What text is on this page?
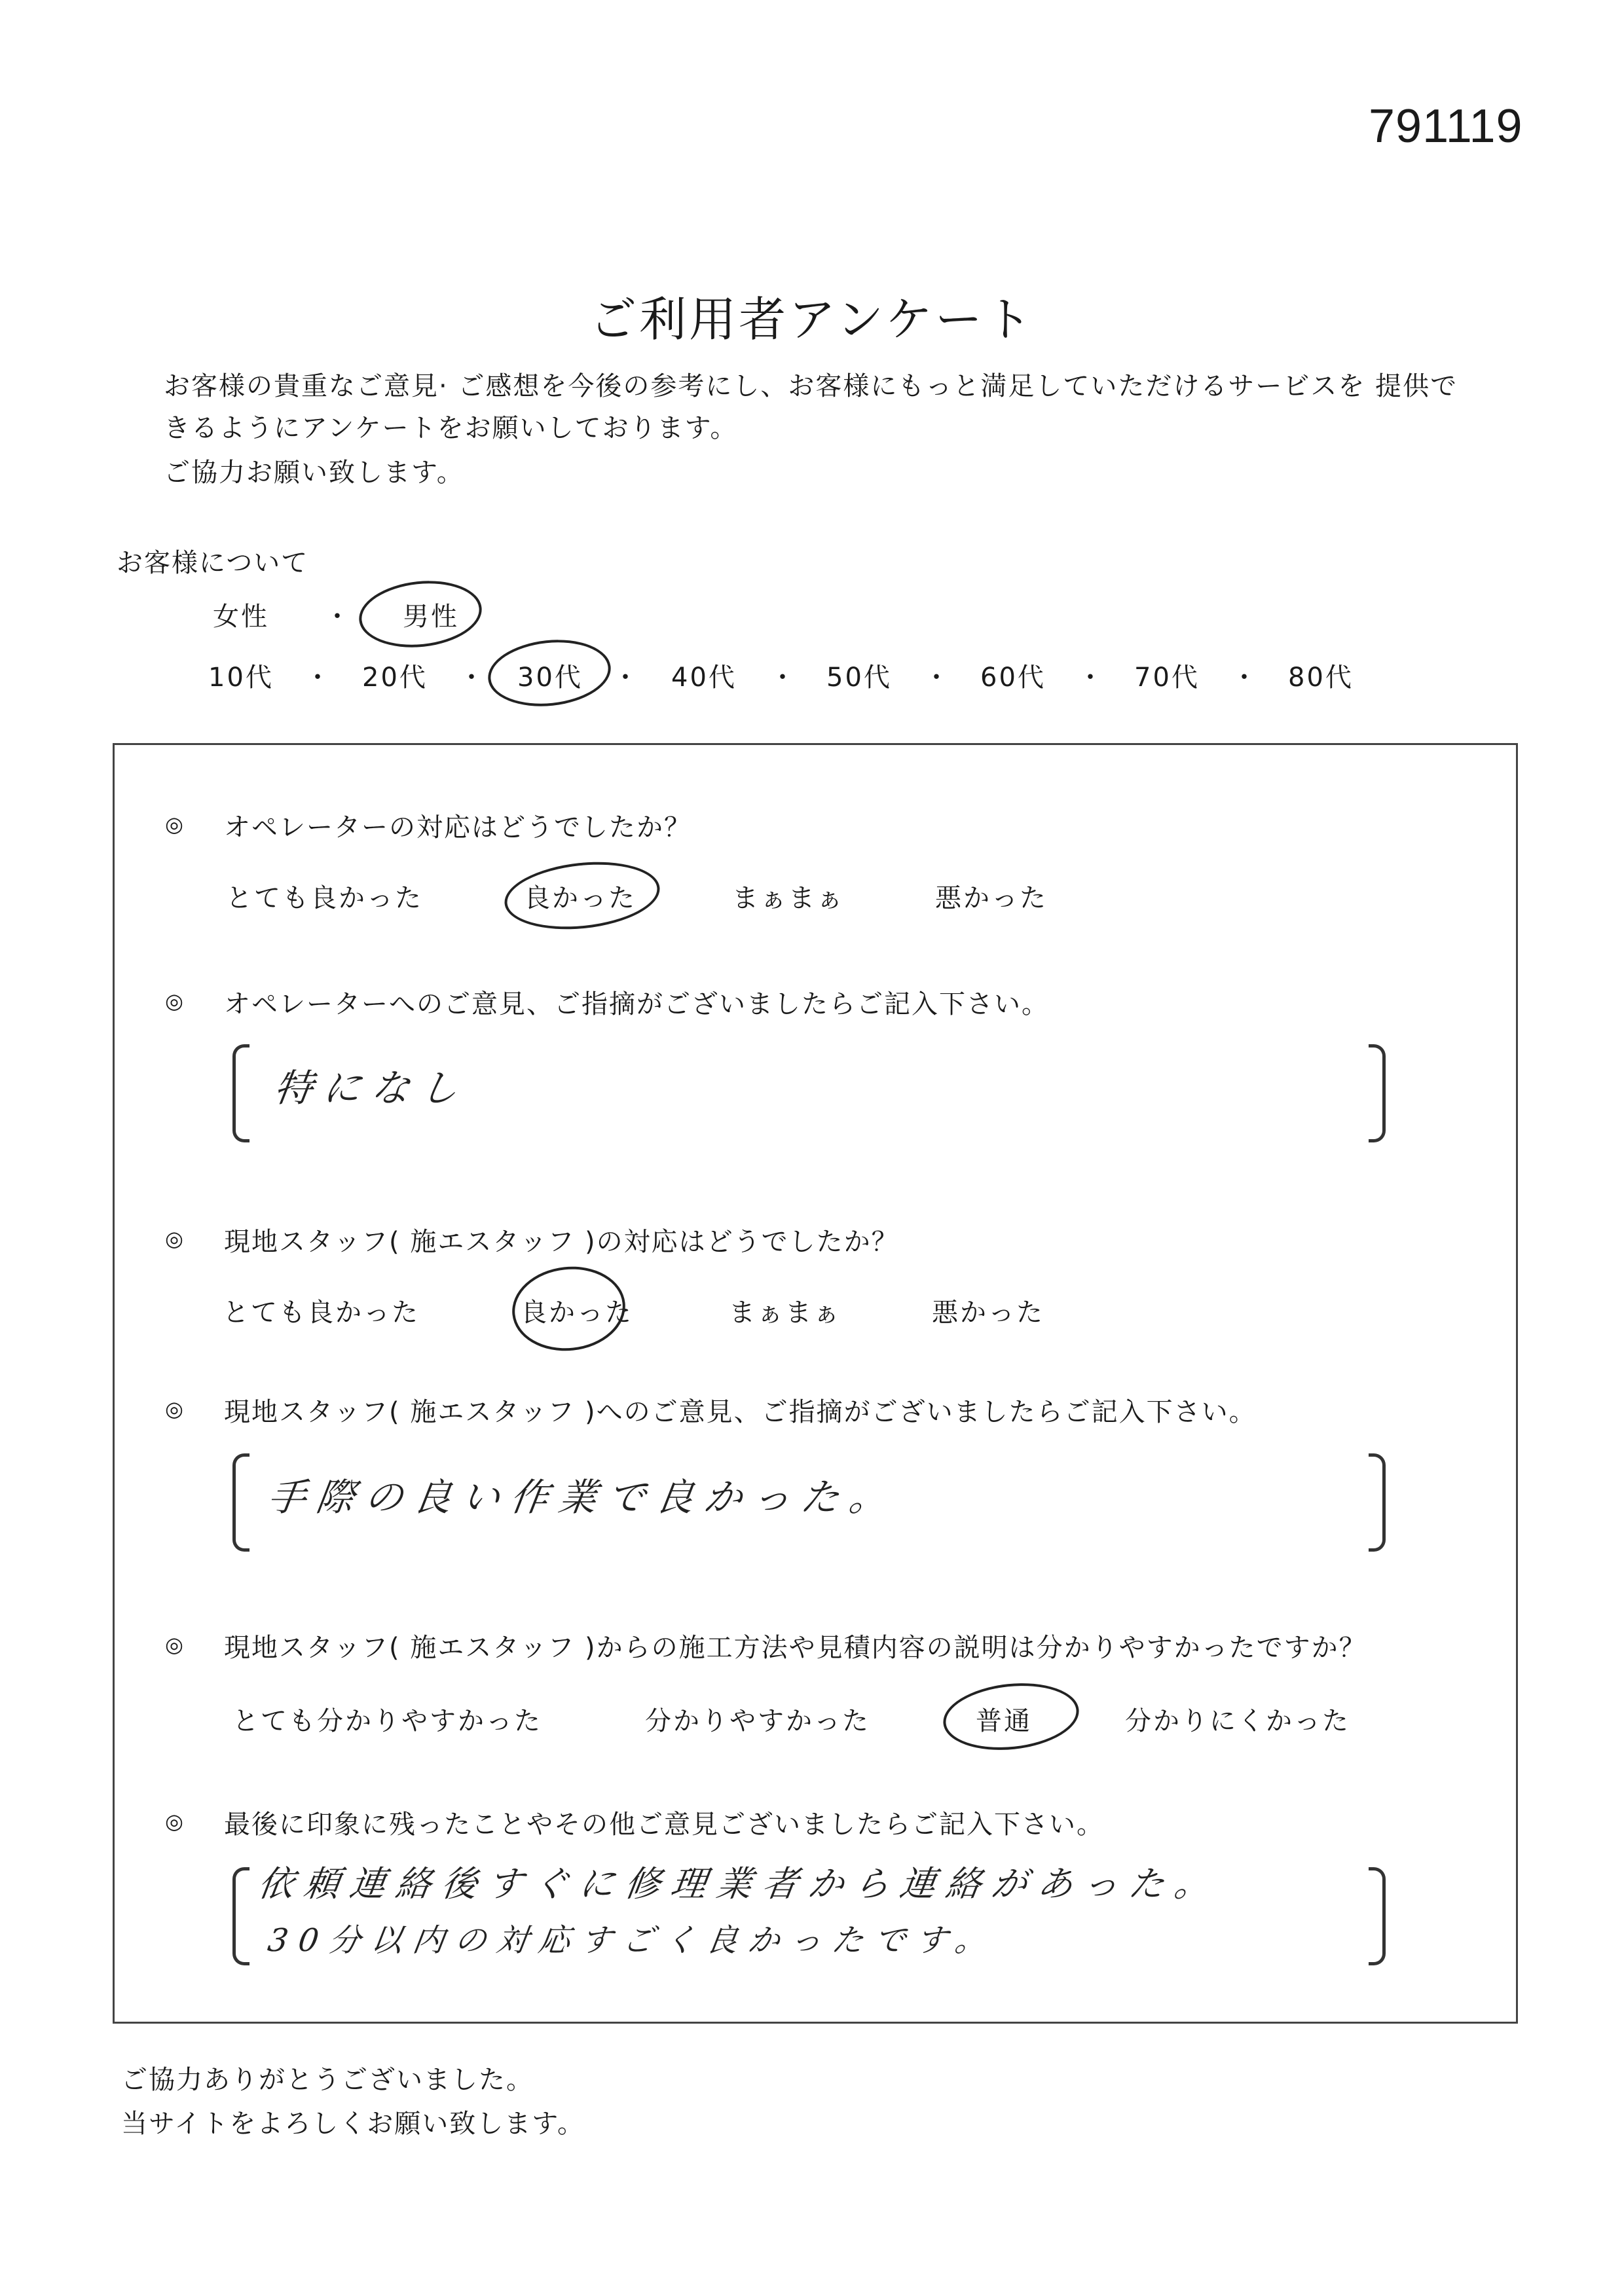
791119
ご利用者アンケート
お客様の貴重なご意見· ご感想を今後の参考にし、お客様にもっと満足していただけるサービスを 提供で
きるようにアンケートをお願いしております。
ご協力お願い致します。
お客様について
女性 ・ 男性
10代 ・ 20代 ・ 30代 ・ 40代 ・ 50代 ・ 60代 ・ 70代 ・ 80代
◎ オペレーターの対応はどうでしたか？
とても良かった	良かった	まぁまぁ	悪かった
◎ オペレーターへのご意見、ご指摘がございましたらご記入下さい。
特になし
◎ 現地スタッフ( 施エスタッフ )の対応はどうでしたか？
とても良かった	良かった	まぁまぁ	悪かった
◎ 現地スタッフ( 施エスタッフ )へのご意見、ご指摘がございましたらご記入下さい。
手際の良い作業で良かった。
◎ 現地スタッフ( 施エスタッフ )からの施工方法や見積内容の説明は分かりやすかったですか？
とても分かりやすかった	分かりやすかった	普通	分かりにくかった
◎ 最後に印象に残ったことやその他ご意見ございましたらご記入下さい。
依頼連絡後すぐに修理業者から連絡があった。
30分以内の対応すごく良かったです。
ご協力ありがとうございました。
当サイトをよろしくお願い致します。
